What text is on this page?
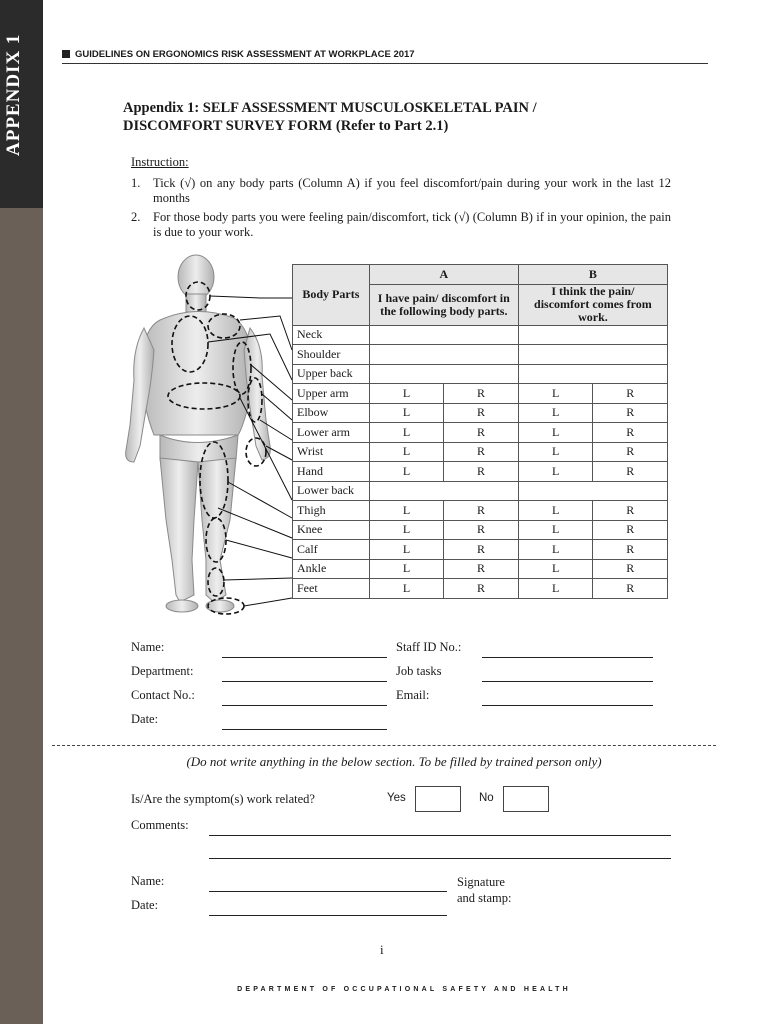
APPENDIX 1	GUIDELINES ON ERGONOMICS RISK ASSESSMENT AT WORKPLACE 2017
Appendix 1: SELF ASSESSMENT MUSCULOSKELETAL PAIN /
DISCOMFORT SURVEY FORM (Refer to Part 2.1)
Instruction:
1.	Tick (√) on any body parts (Column A) if you feel discomfort/pain during your work in the last 12 months
2.	For those body parts you were feeling pain/discomfort, tick (√) (Column B) if in your opinion, the pain is due to your work.
Body Parts	A		B	
	I have pain/ discomfort in the following body parts.		I think the pain/ discomfort comes from work.	
Neck				
Shoulder				
Upper back				
Upper arm	L	R	L	R
Elbow	L	R	L	R
Lower arm	L	R	L	R
Wrist	L	R	L	R
Hand	L	R	L	R
Lower back				
Thigh	L	R	L	R
Knee	L	R	L	R
Calf	L	R	L	R
Ankle	L	R	L	R
Feet	L	R	L	R
Name:	Staff ID No.:
Department:	Job tasks
Contact No.:	Email:
Date:
(Do not write anything in the below section. To be filled by trained person only)
Is/Are the symptom(s) work related?	Yes	No
Comments:
Name:	Signature
and stamp:
Date:
i
DEPARTMENT OF OCCUPATIONAL SAFETY AND HEALTH
